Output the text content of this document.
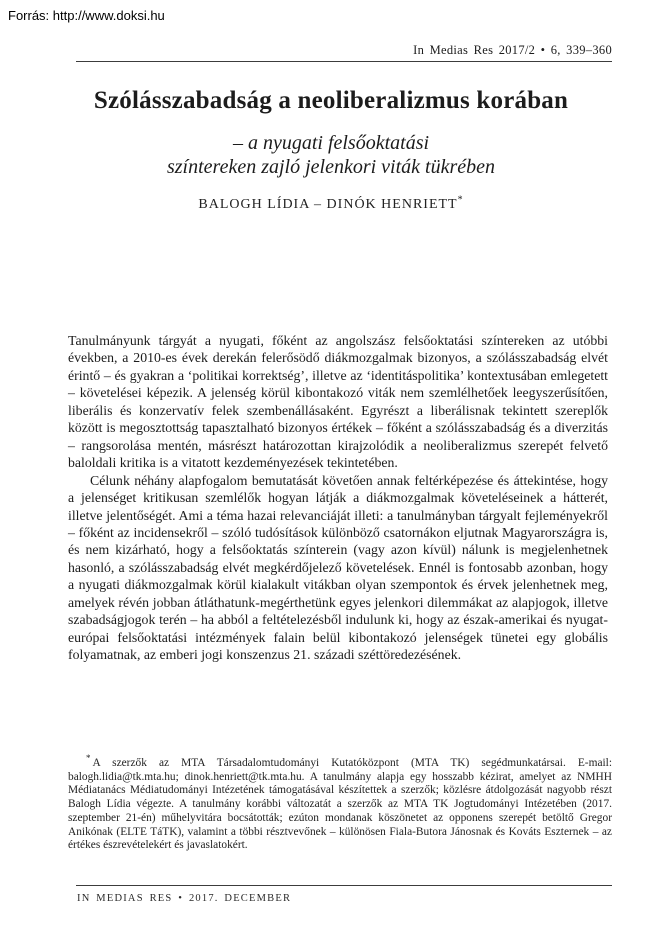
Forrás: http://www.doksi.hu
In Medias Res 2017/2 • 6, 339–360
Szólásszabadság a neoliberalizmus korában
– a nyugati felsőoktatási
színtereken zajló jelenkori viták tükrében
BALOGH LÍDIA – DINÓK HENRIETT*

Tanulmányunk tárgyát a nyugati, főként az angolszász felsőoktatási színtereken az utóbbi években, a 2010-es évek derekán felerősödő diákmozgalmak bizonyos, a szólásszabadság elvét érintő – és gyakran a ‘politikai korrektség’, illetve az ‘identitáspolitika’ kontextusában emlegetett – követelései képezik. A jelenség körül kibontakozó viták nem szemlélhetőek leegyszerűsítően, liberális és konzervatív felek szembenállásaként. Egyrészt a liberálisnak tekintett szereplők között is megosztottság tapasztalható bizonyos értékek – főként a szólásszabadság és a diverzitás – rangsorolása mentén, másrészt határozottan kirajzolódik a neoliberalizmus szerepét felvető baloldali kritika is a vitatott kezdeményezések tekintetében.

Célunk néhány alapfogalom bemutatását követően annak feltérképezése és áttekintése, hogy a jelenséget kritikusan szemlélők hogyan látják a diákmozgalmak követeléseinek a hátterét, illetve jelentőségét. Ami a téma hazai relevanciáját illeti: a tanulmányban tárgyalt fejleményekről – főként az incidensekről – szóló tudósítások különböző csatornákon eljutnak Magyarországra is, és nem kizárható, hogy a felsőoktatás színterein (vagy azon kívül) nálunk is megjelenhetnek hasonló, a szólásszabadság elvét megkérdőjelező követelések. Ennél is fontosabb azonban, hogy a nyugati diákmozgalmak körül kialakult vitákban olyan szempontok és érvek jelenhetnek meg, amelyek révén jobban átláthatunk-megérthetünk egyes jelenkori dilemmákat az alapjogok, illetve szabadságjogok terén – ha abból a feltételezésből indulunk ki, hogy az észak-amerikai és nyugat-európai felsőoktatási intézmények falain belül kibontakozó jelenségek tünetei egy globális folyamatnak, az emberi jogi konszenzus 21. századi széttöredezésének.

* A szerzők az MTA Társadalomtudományi Kutatóközpont (MTA TK) segédmunkatársai. E-mail: balogh.lidia@tk.mta.hu; dinok.henriett@tk.mta.hu. A tanulmány alapja egy hosszabb kézirat, amelyet az NMHH Médiatanács Médiatudományi Intézetének támogatásával készítettek a szerzők; közlésre átdolgozását nagyobb részt Balogh Lídia végezte. A tanulmány korábbi változatát a szerzők az MTA TK Jogtudományi Intézetében (2017. szeptember 21-én) műhelyvitára bocsátották; ezúton mondanak köszönetet az opponens szerepét betöltő Gregor Anikónak (ELTE TáTK), valamint a többi résztvevőnek – különösen Fiala-Butora Jánosnak és Kováts Eszternek – az értékes észrevételekért és javaslatokért.
IN MEDIAS RES • 2017. DECEMBER
